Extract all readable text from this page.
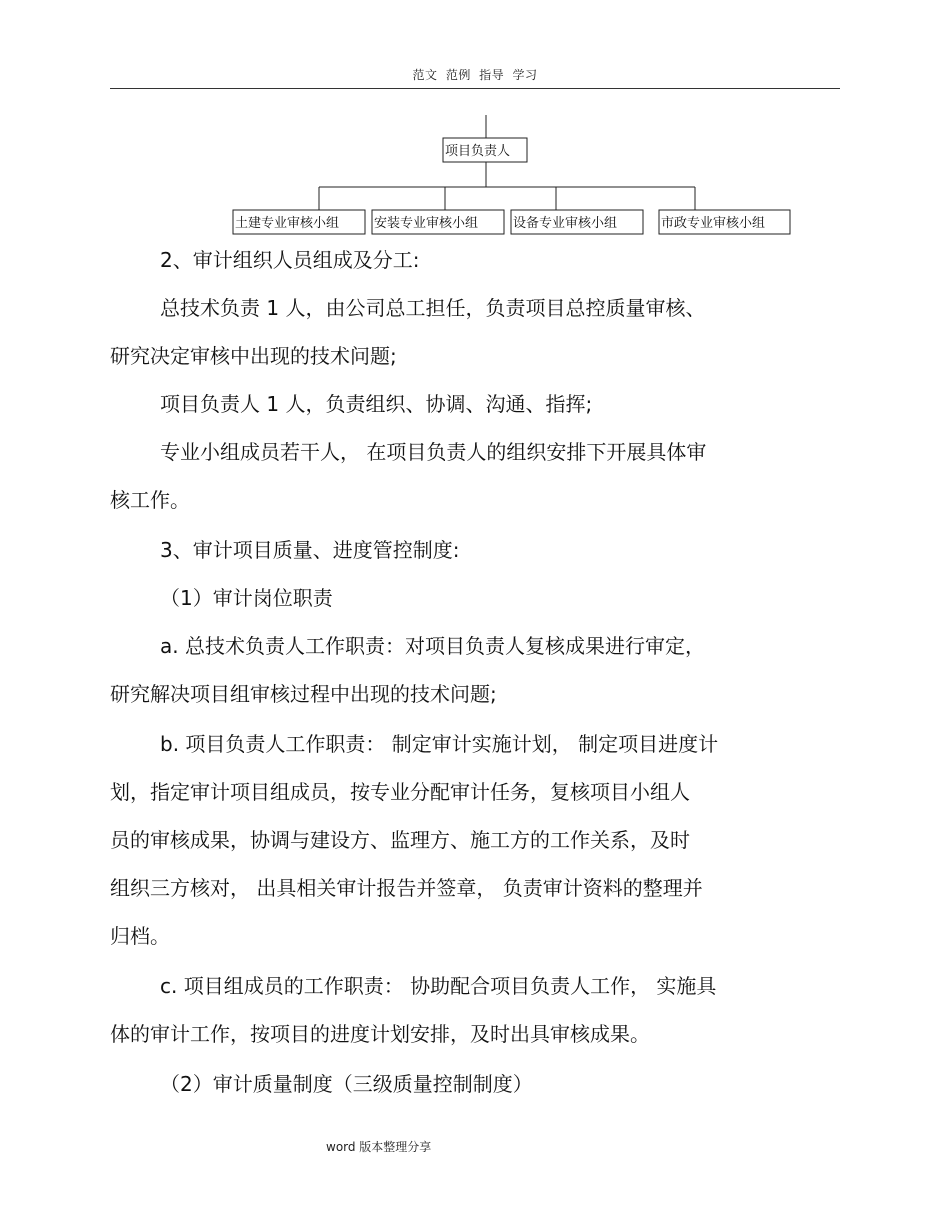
范文 范例 指导 学习
项目负责人
土建专业审核小组	安装专业审核小组	设备专业审核小组	市政专业审核小组
2、审计组织人员组成及分工:
总技术负责 1 人，由公司总工担任，负责项目总控质量审核、
研究决定审核中出现的技术问题;
项目负责人 1 人，负责组织、协调、沟通、指挥;
专业小组成员若干人， 在项目负责人的组织安排下开展具体审
核工作。
3、审计项目质量、进度管控制度:
（1）审计岗位职责
a. 总技术负责人工作职责：对项目负责人复核成果进行审定，
研究解决项目组审核过程中出现的技术问题;
b. 项目负责人工作职责： 制定审计实施计划， 制定项目进度计
划，指定审计项目组成员，按专业分配审计任务，复核项目小组人
员的审核成果，协调与建设方、监理方、施工方的工作关系，及时
组织三方核对， 出具相关审计报告并签章， 负责审计资料的整理并
归档。
c. 项目组成员的工作职责： 协助配合项目负责人工作， 实施具
体的审计工作，按项目的进度计划安排，及时出具审核成果。
（2）审计质量制度（三级质量控制制度）
word 版本整理分享
